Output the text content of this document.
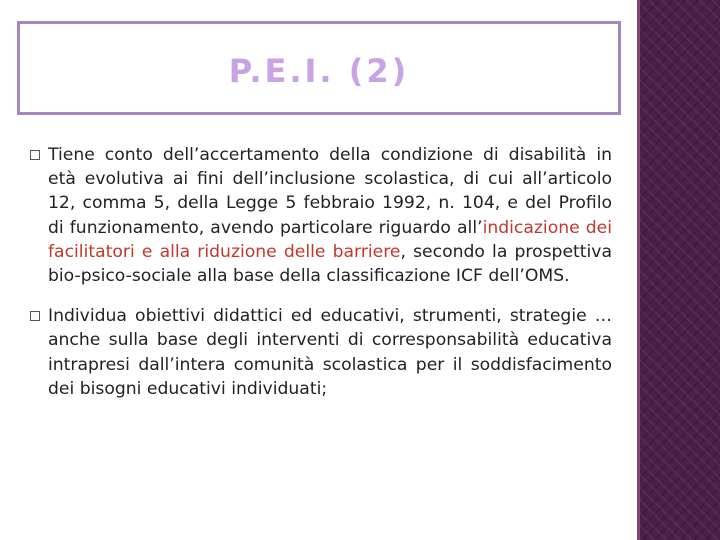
P.E.I. (2)
Tiene conto dell’accertamento della condizione di disabilità in età evolutiva ai fini dell’inclusione scolastica, di cui all’articolo 12, comma 5, della Legge 5 febbraio 1992, n. 104, e del Profilo di funzionamento, avendo particolare riguardo all’indicazione dei facilitatori e alla riduzione delle barriere, secondo la prospettiva bio-psico-sociale alla base della classificazione ICF dell’OMS.
Individua obiettivi didattici ed educativi, strumenti, strategie … anche sulla base degli interventi di corresponsabilità educativa intrapresi dall’intera comunità scolastica per il soddisfacimento dei bisogni educativi individuati;
